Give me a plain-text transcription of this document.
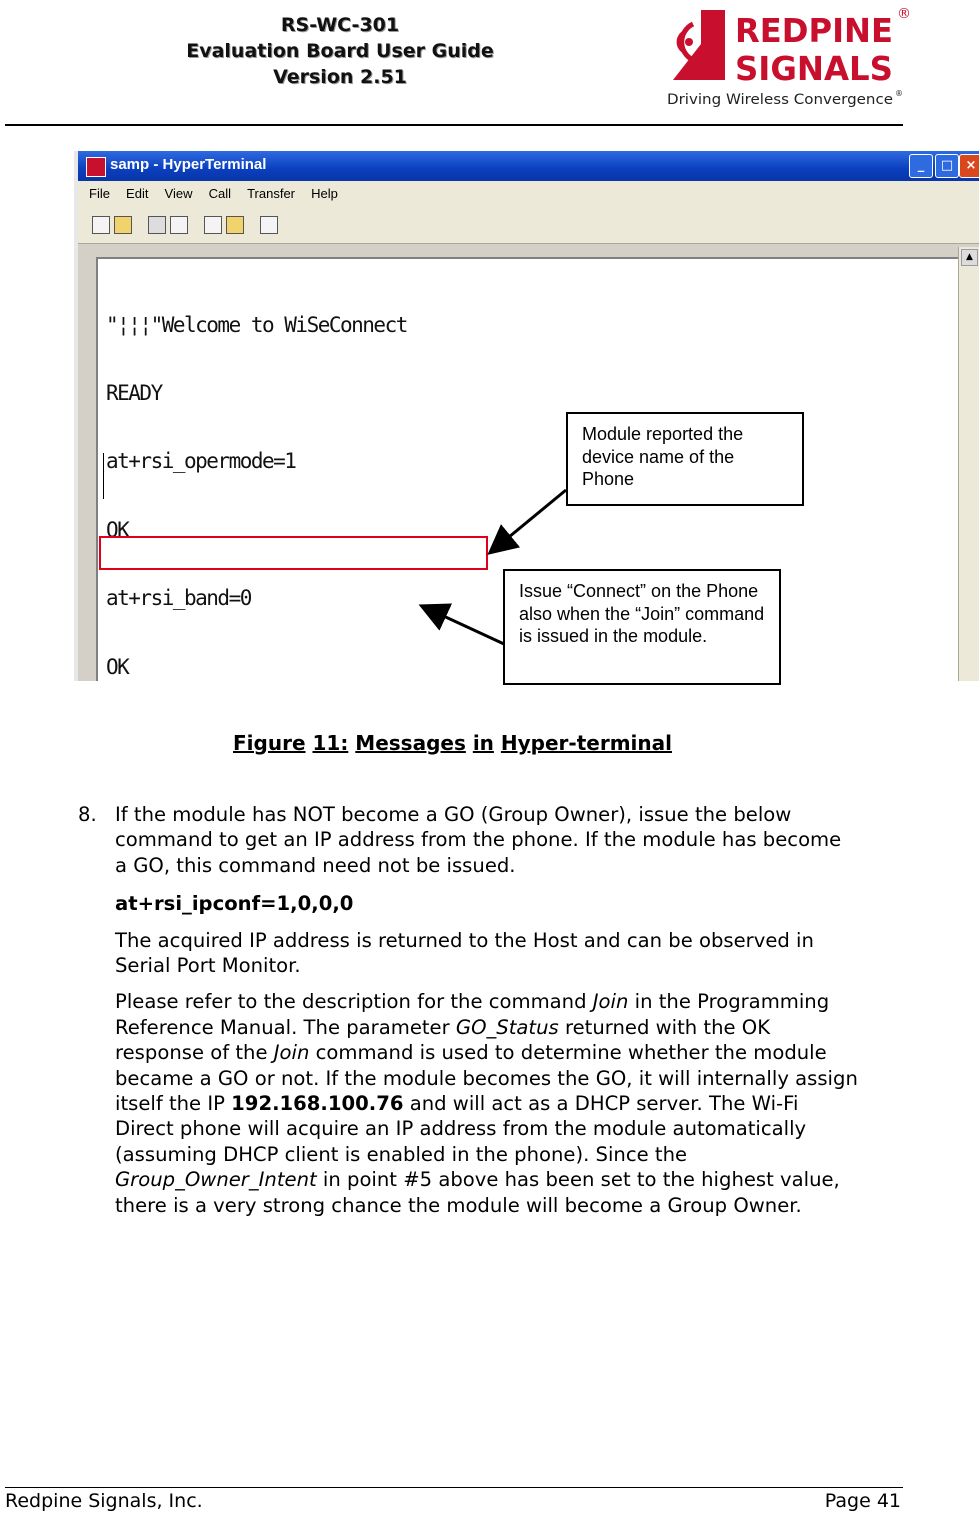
RS-WC-301
Evaluation Board User Guide
Version 2.51
REDPINE
SIGNALS
®
Driving Wireless Convergence ®
samp - HyperTerminal	_	□ ×
File Edit View Call Transfer Help
▲

"¦¦¦"Welcome to WiSeConnect

READY

at+rsi_opermode=1

OK

at+rsi_band=0

OK

Module reported the device name of the Phone
Issue “Connect” on the Phone also when the “Join” command is issued in the module.
Figure 11: Messages in Hyper-terminal
8. If the module has NOT become a GO (Group Owner), issue the below command to get an IP address from the phone. If the module has become a GO, this command need not be issued.
at+rsi_ipconf=1,0,0,0
The acquired IP address is returned to the Host and can be observed in Serial Port Monitor.
Please refer to the description for the command Join in the Programming Reference Manual. The parameter GO_Status returned with the OK response of the Join command is used to determine whether the module became a GO or not. If the module becomes the GO, it will internally assign itself the IP 192.168.100.76 and will act as a DHCP server. The Wi-Fi Direct phone will acquire an IP address from the module automatically (assuming DHCP client is enabled in the phone). Since the Group_Owner_Intent in point #5 above has been set to the highest value, there is a very strong chance the module will become a Group Owner.
Redpine Signals, Inc.	Page 41
